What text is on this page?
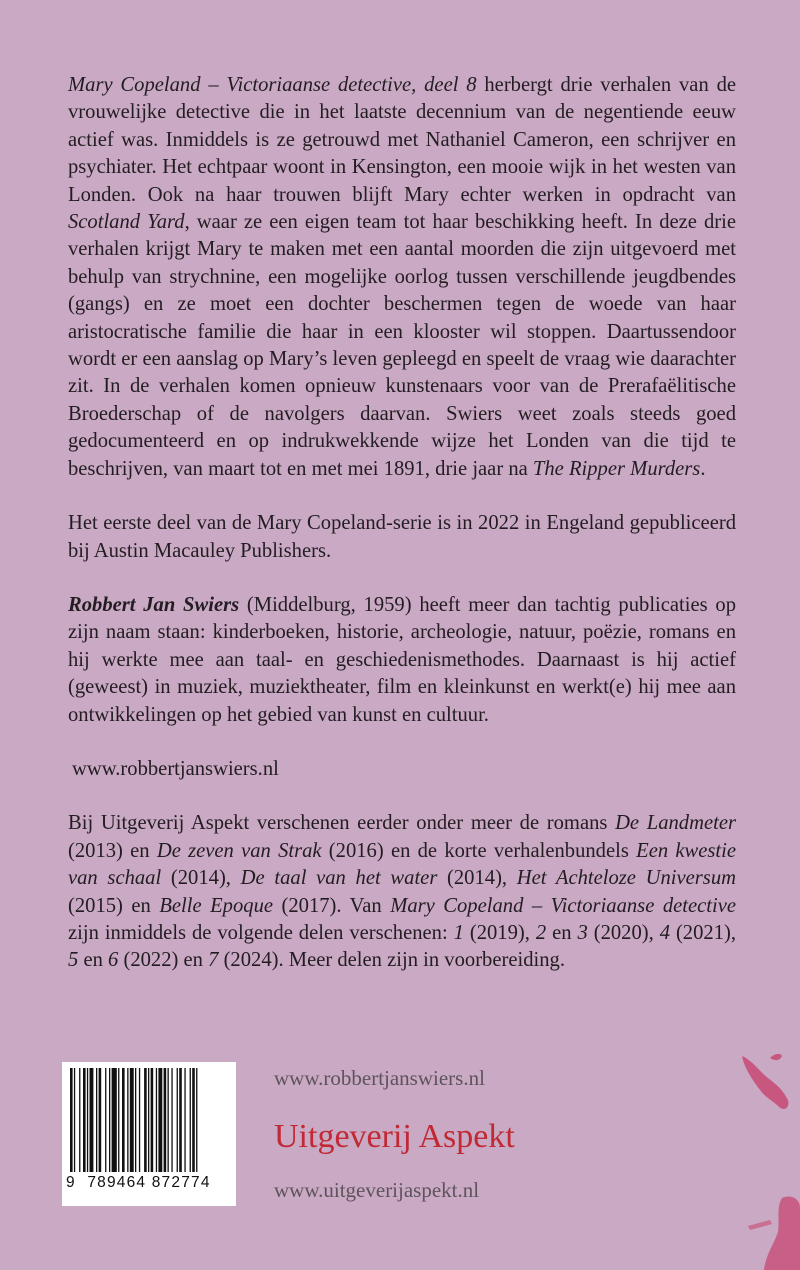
Mary Copeland – Victoriaanse detective, deel 8 herbergt drie verhalen van de vrouwelijke detective die in het laatste decennium van de negentiende eeuw actief was. Inmiddels is ze getrouwd met Nathaniel Cameron, een schrijver en psychiater. Het echtpaar woont in Kensington, een mooie wijk in het westen van Londen. Ook na haar trouwen blijft Mary echter werken in opdracht van Scotland Yard, waar ze een eigen team tot haar beschikking heeft. In deze drie verhalen krijgt Mary te maken met een aantal moorden die zijn uitgevoerd met behulp van strychnine, een mogelijke oorlog tussen verschillende jeugdbendes (gangs) en ze moet een dochter beschermen tegen de woede van haar aristocratische familie die haar in een klooster wil stoppen. Daartussendoor wordt er een aanslag op Mary’s leven gepleegd en speelt de vraag wie daarachter zit. In de verhalen komen opnieuw kunstenaars voor van de Prerafaëlitische Broederschap of de navolgers daarvan. Swiers weet zoals steeds goed gedocumenteerd en op indrukwekkende wijze het Londen van die tijd te beschrijven, van maart tot en met mei 1891, drie jaar na The Ripper Murders.

Het eerste deel van de Mary Copeland-serie is in 2022 in Engeland gepubliceerd bij Austin Macauley Publishers.

Robbert Jan Swiers (Middelburg, 1959) heeft meer dan tachtig publicaties op zijn naam staan: kinderboeken, historie, archeologie, natuur, poëzie, romans en hij werkte mee aan taal- en geschiedenismethodes. Daarnaast is hij actief (geweest) in muziek, muziektheater, film en kleinkunst en werkt(e) hij mee aan ontwikkelingen op het gebied van kunst en cultuur.

www.robbertjanswiers.nl

Bij Uitgeverij Aspekt verschenen eerder onder meer de romans De Landmeter (2013) en De zeven van Strak (2016) en de korte verhalenbundels Een kwestie van schaal (2014), De taal van het water (2014), Het Achteloze Universum (2015) en Belle Epoque (2017). Van Mary Copeland – Victoriaanse detective zijn inmiddels de volgende delen verschenen: 1 (2019), 2 en 3 (2020), 4 (2021), 5 en 6 (2022) en 7 (2024). Meer delen zijn in voorbereiding.

9 789464 872774
www.robbertjanswiers.nl
Uitgeverij Aspekt
www.uitgeverijaspekt.nl
